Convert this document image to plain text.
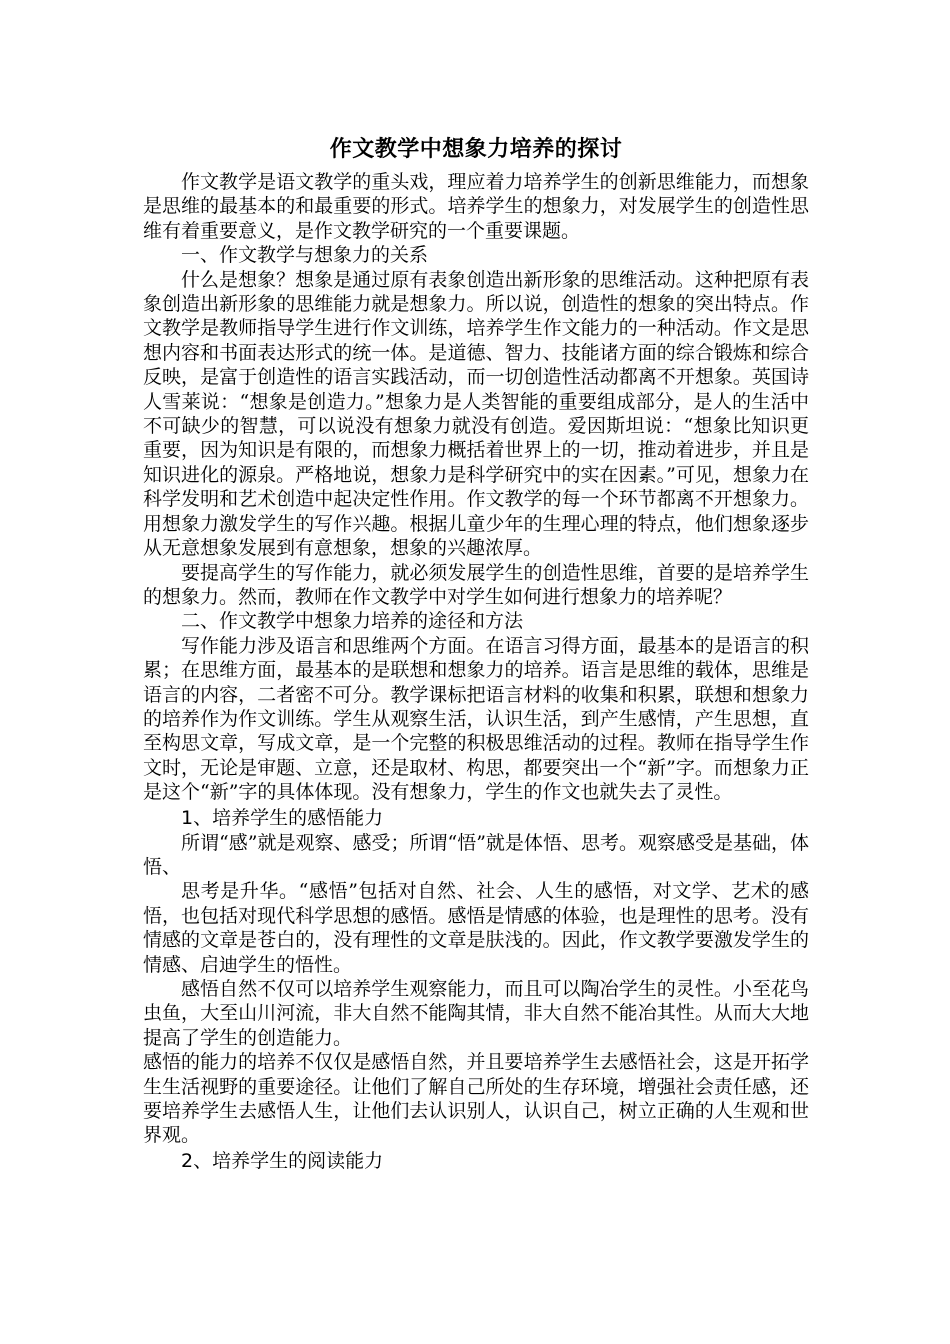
作文教学中想象力培养的探讨

作文教学是语文教学的重头戏，理应着力培养学生的创新思维能力，而想象是思维的最基本的和最重要的形式。培养学生的想象力，对发展学生的创造性思维有着重要意义，是作文教学研究的一个重要课题。

一、作文教学与想象力的关系

什么是想象？想象是通过原有表象创造出新形象的思维活动。这种把原有表象创造出新形象的思维能力就是想象力。所以说，创造性的想象的突出特点。作文教学是教师指导学生进行作文训练，培养学生作文能力的一种活动。作文是思想内容和书面表达形式的统一体。是道德、智力、技能诸方面的综合锻炼和综合反映，是富于创造性的语言实践活动，而一切创造性活动都离不开想象。英国诗人雪莱说：“想象是创造力。”想象力是人类智能的重要组成部分，是人的生活中不可缺少的智慧，可以说没有想象力就没有创造。爱因斯坦说：“想象比知识更重要，因为知识是有限的，而想象力概括着世界上的一切，推动着进步，并且是知识进化的源泉。严格地说，想象力是科学研究中的实在因素。”可见，想象力在科学发明和艺术创造中起决定性作用。作文教学的每一个环节都离不开想象力。用想象力激发学生的写作兴趣。根据儿童少年的生理心理的特点，他们想象逐步从无意想象发展到有意想象，想象的兴趣浓厚。

要提高学生的写作能力，就必须发展学生的创造性思维，首要的是培养学生的想象力。然而，教师在作文教学中对学生如何进行想象力的培养呢？

二、作文教学中想象力培养的途径和方法

写作能力涉及语言和思维两个方面。在语言习得方面，最基本的是语言的积累；在思维方面，最基本的是联想和想象力的培养。语言是思维的载体，思维是语言的内容，二者密不可分。教学课标把语言材料的收集和积累，联想和想象力的培养作为作文训练。学生从观察生活，认识生活，到产生感情，产生思想，直至构思文章，写成文章，是一个完整的积极思维活动的过程。教师在指导学生作文时，无论是审题、立意，还是取材、构思，都要突出一个“新”字。而想象力正是这个“新”字的具体体现。没有想象力，学生的作文也就失去了灵性。

1、培养学生的感悟能力

所谓“感”就是观察、感受；所谓“悟”就是体悟、思考。观察感受是基础，体悟、

思考是升华。“感悟”包括对自然、社会、人生的感悟，对文学、艺术的感悟，也包括对现代科学思想的感悟。感悟是情感的体验，也是理性的思考。没有情感的文章是苍白的，没有理性的文章是肤浅的。因此，作文教学要激发学生的情感、启迪学生的悟性。

感悟自然不仅可以培养学生观察能力，而且可以陶冶学生的灵性。小至花鸟虫鱼，大至山川河流，非大自然不能陶其情，非大自然不能冶其性。从而大大地提高了学生的创造能力。

感悟的能力的培养不仅仅是感悟自然，并且要培养学生去感悟社会，这是开拓学生生活视野的重要途径。让他们了解自己所处的生存环境，增强社会责任感，还要培养学生去感悟人生，让他们去认识别人，认识自己，树立正确的人生观和世界观。

2、培养学生的阅读能力
